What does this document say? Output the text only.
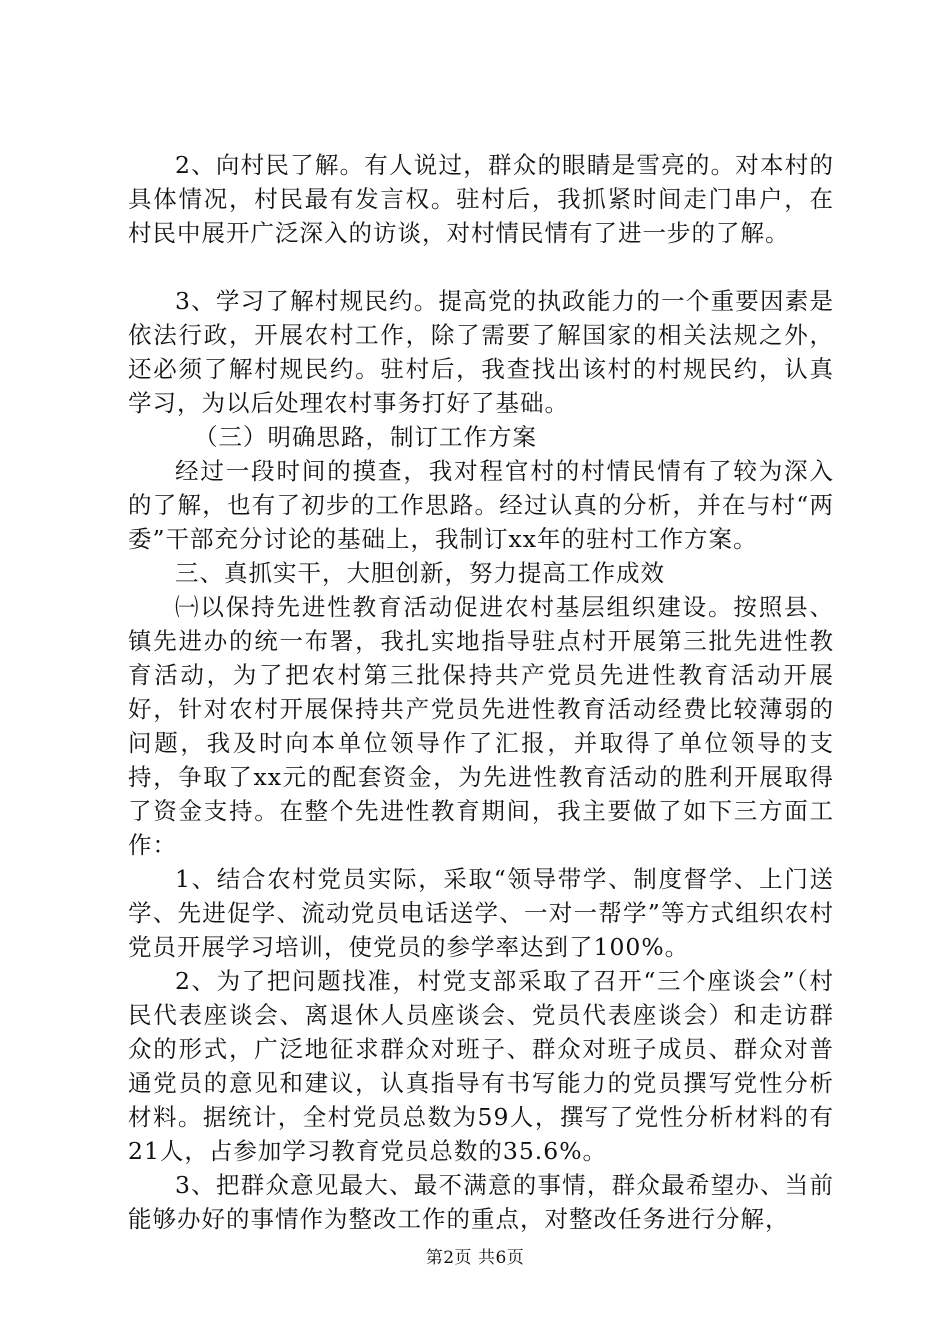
2、向村民了解。有人说过，群众的眼睛是雪亮的。对本村的具体情况，村民最有发言权。驻村后，我抓紧时间走门串户，在村民中展开广泛深入的访谈，对村情民情有了进一步的了解。

3、学习了解村规民约。提高党的执政能力的一个重要因素是依法行政，开展农村工作，除了需要了解国家的相关法规之外，还必须了解村规民约。驻村后，我查找出该村的村规民约，认真学习，为以后处理农村事务打好了基础。

（三）明确思路，制订工作方案

经过一段时间的摸查，我对程官村的村情民情有了较为深入的了解，也有了初步的工作思路。经过认真的分析，并在与村“两委”干部充分讨论的基础上，我制订xx年的驻村工作方案。

三、真抓实干，大胆创新，努力提高工作成效

㈠以保持先进性教育活动促进农村基层组织建设。按照县、镇先进办的统一布署，我扎实地指导驻点村开展第三批先进性教育活动，为了把农村第三批保持共产党员先进性教育活动开展好，针对农村开展保持共产党员先进性教育活动经费比较薄弱的问题，我及时向本单位领导作了汇报，并取得了单位领导的支持，争取了xx元的配套资金，为先进性教育活动的胜利开展取得了资金支持。在整个先进性教育期间，我主要做了如下三方面工作：

1、结合农村党员实际，采取“领导带学、制度督学、上门送学、先进促学、流动党员电话送学、一对一帮学”等方式组织农村党员开展学习培训，使党员的参学率达到了100%。

2、为了把问题找准，村党支部采取了召开“三个座谈会”（村民代表座谈会、离退休人员座谈会、党员代表座谈会）和走访群众的形式，广泛地征求群众对班子、群众对班子成员、群众对普通党员的意见和建议，认真指导有书写能力的党员撰写党性分析材料。据统计，全村党员总数为59人，撰写了党性分析材料的有21人，占参加学习教育党员总数的35.6%。

3、把群众意见最大、最不满意的事情，群众最希望办、当前能够办好的事情作为整改工作的重点，对整改任务进行分解，

第2页 共6页
